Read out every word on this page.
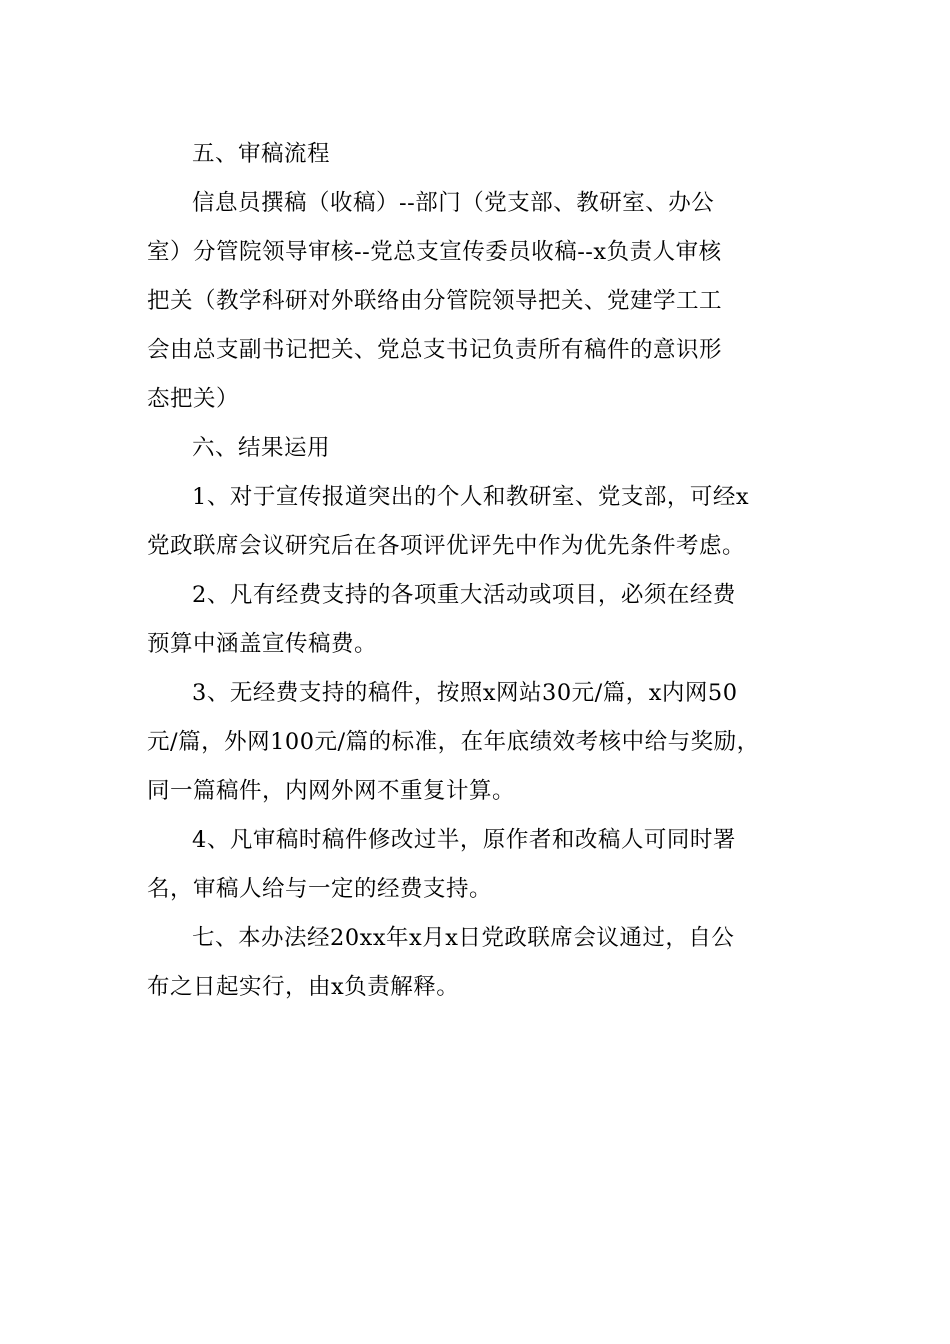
五、审稿流程
信息员撰稿（收稿）--部门（党支部、教研室、办公
室）分管院领导审核--党总支宣传委员收稿--x负责人审核
把关（教学科研对外联络由分管院领导把关、党建学工工
会由总支副书记把关、党总支书记负责所有稿件的意识形
态把关）
六、结果运用
1、对于宣传报道突出的个人和教研室、党支部，可经x
党政联席会议研究后在各项评优评先中作为优先条件考虑。
2、凡有经费支持的各项重大活动或项目，必须在经费
预算中涵盖宣传稿费。
3、无经费支持的稿件，按照x网站30元/篇，x内网50
元/篇，外网100元/篇的标准，在年底绩效考核中给与奖励，
同一篇稿件，内网外网不重复计算。
4、凡审稿时稿件修改过半，原作者和改稿人可同时署
名，审稿人给与一定的经费支持。
七、本办法经20xx年x月x日党政联席会议通过，自公
布之日起实行，由x负责解释。
